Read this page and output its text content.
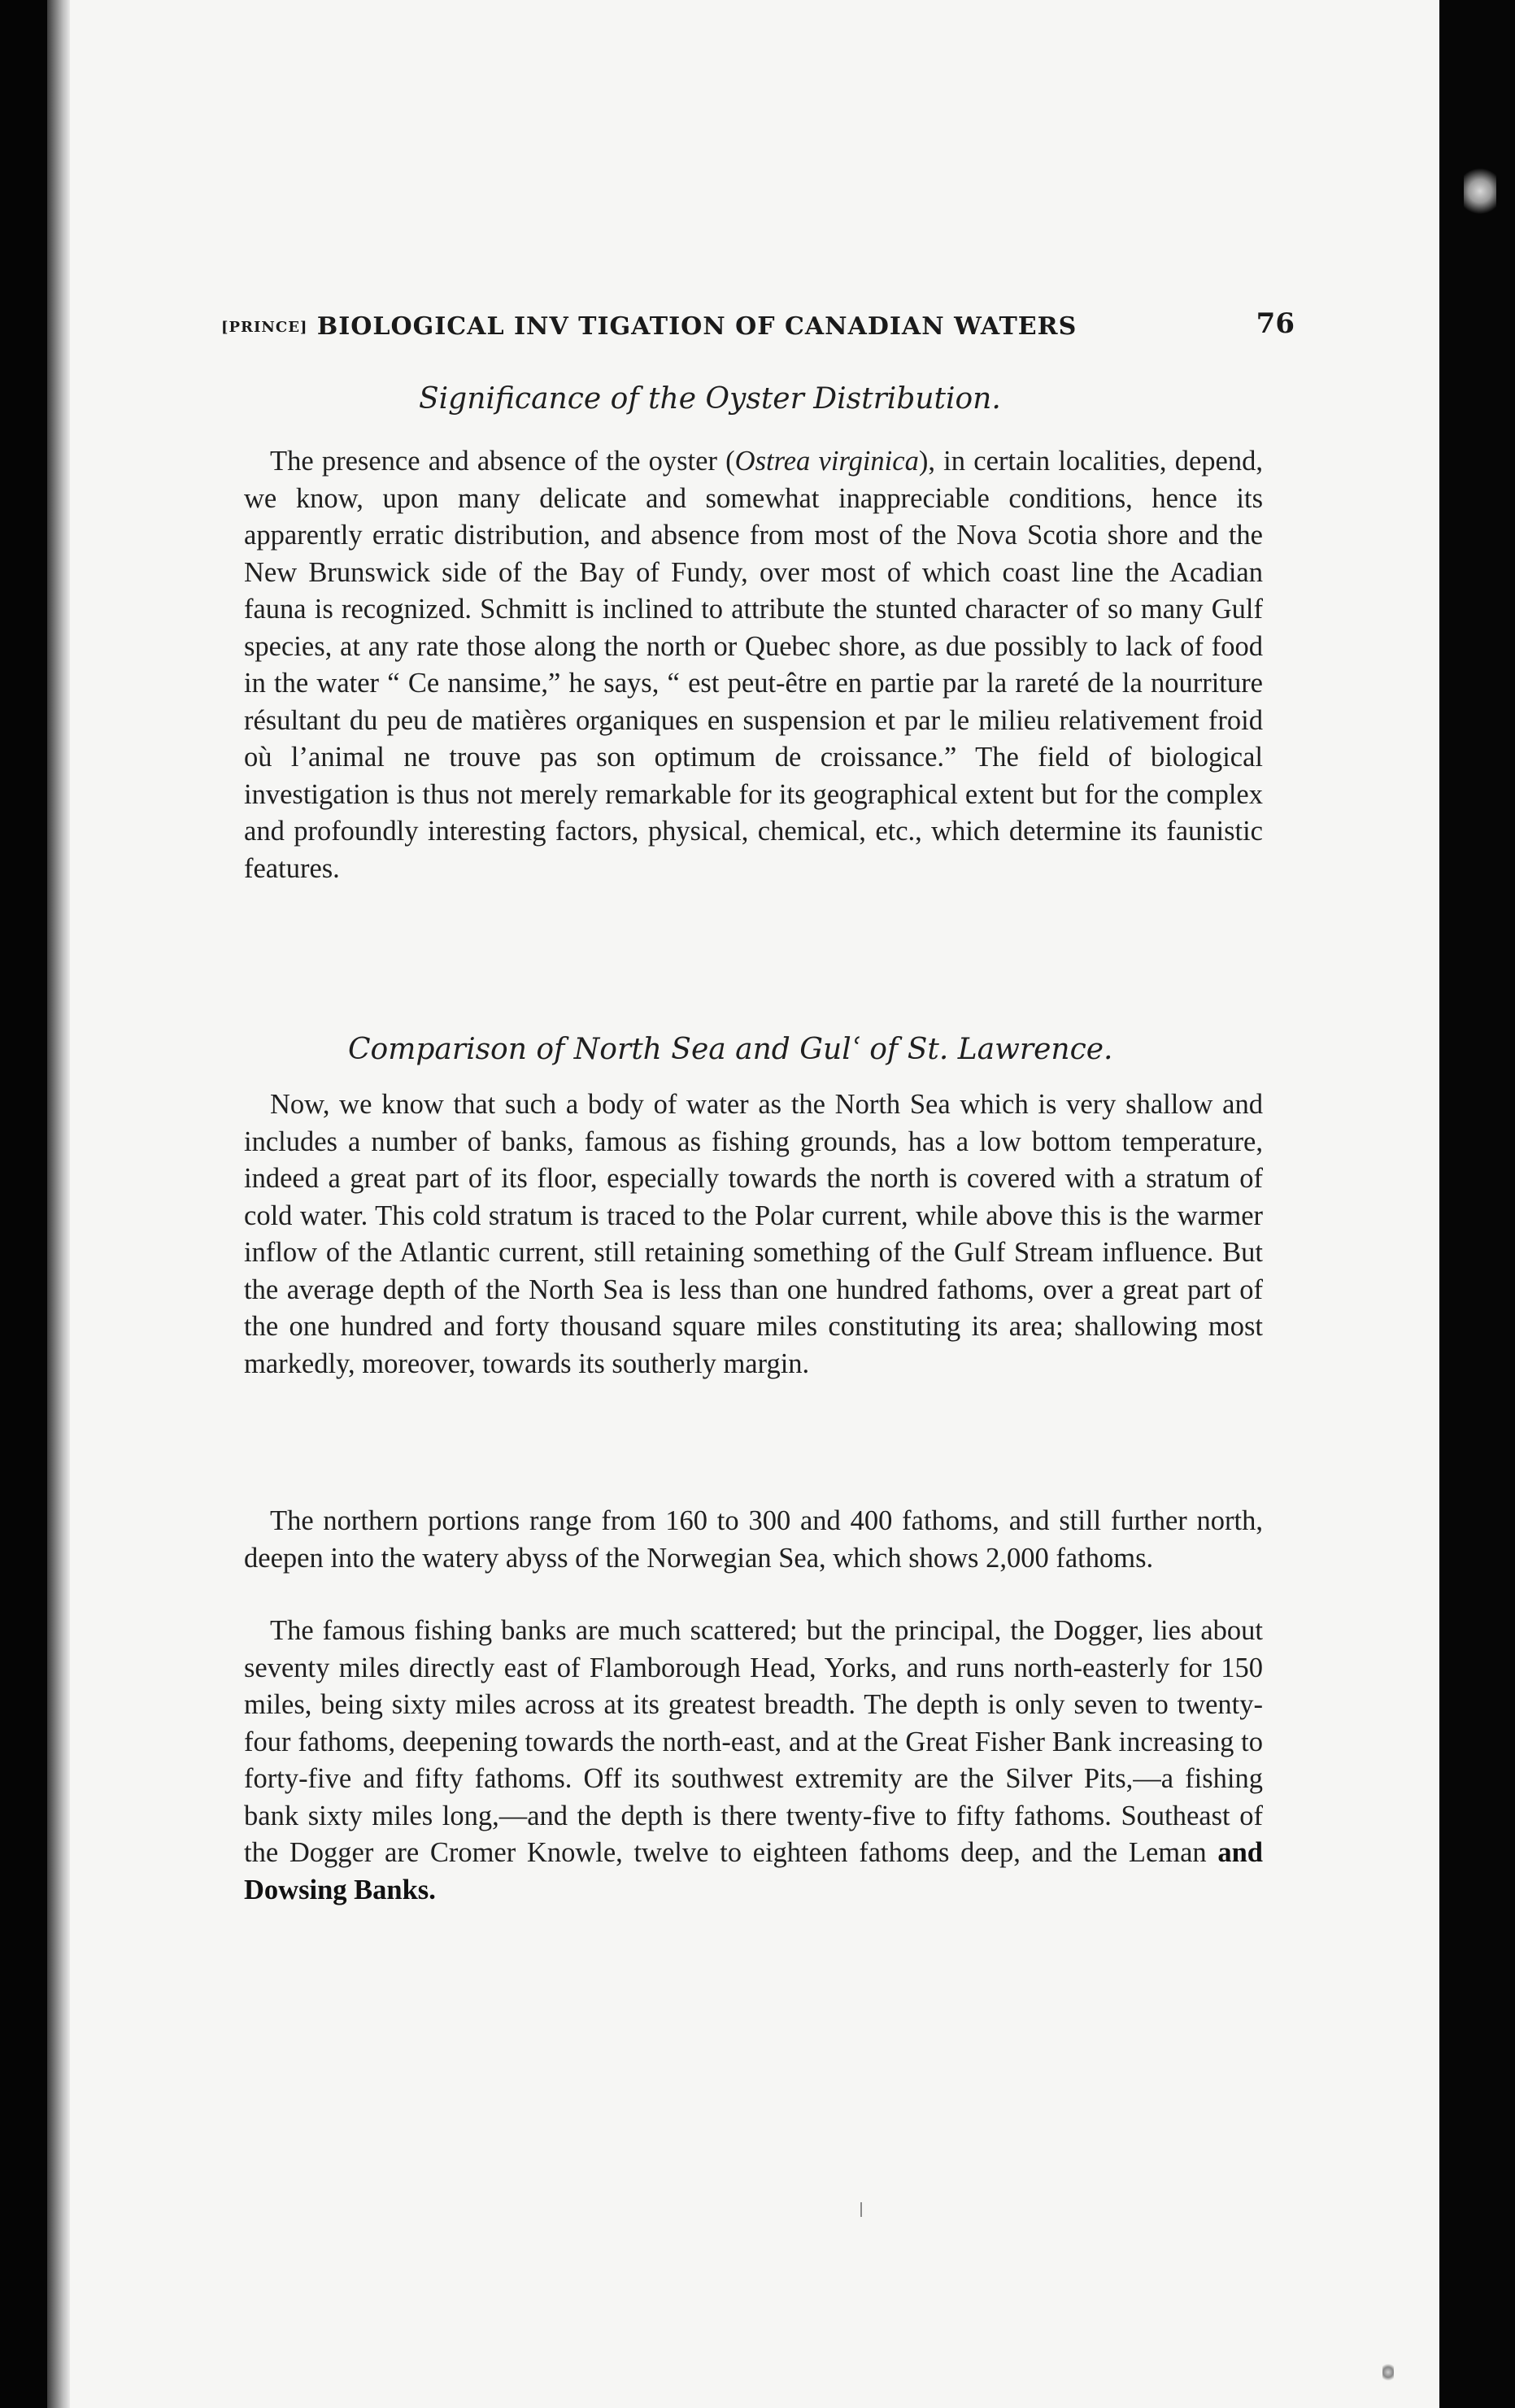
[PRINCE] BIOLOGICAL INV TIGATION OF CANADIAN WATERS	76
Significance of the Oyster Distribution.

The presence and absence of the oyster (Ostrea virginica), in certain localities, depend, we know, upon many delicate and somewhat inappreciable conditions, hence its apparently erratic distribution, and absence from most of the Nova Scotia shore and the New Brunswick side of the Bay of Fundy, over most of which coast line the Acadian fauna is recognized. Schmitt is inclined to attribute the stunted character of so many Gulf species, at any rate those along the north or Quebec shore, as due possibly to lack of food in the water “ Ce nansime,” he says, “ est peut-être en partie par la rareté de la nourriture résultant du peu de matières organiques en suspension et par le milieu relativement froid où l’animal ne trouve pas son optimum de croissance.” The field of biological investigation is thus not merely remarkable for its geographical extent but for the complex and profoundly interesting factors, physical, chemical, etc., which determine its faunistic features.

Comparison of North Sea and Gulʿ of St. Lawrence.

Now, we know that such a body of water as the North Sea which is very shallow and includes a number of banks, famous as fishing grounds, has a low bottom temperature, indeed a great part of its floor, especially towards the north is covered with a stratum of cold water. This cold stratum is traced to the Polar current, while above this is the warmer inflow of the Atlantic current, still retaining something of the Gulf Stream influence. But the average depth of the North Sea is less than one hundred fathoms, over a great part of the one hundred and forty thousand square miles constituting its area; shallowing most markedly, moreover, towards its southerly margin.

The northern portions range from 160 to 300 and 400 fathoms, and still further north, deepen into the watery abyss of the Norwegian Sea, which shows 2,000 fathoms.

The famous fishing banks are much scattered; but the principal, the Dogger, lies about seventy miles directly east of Flamborough Head, Yorks, and runs north-easterly for 150 miles, being sixty miles across at its greatest breadth. The depth is only seven to twenty-four fathoms, deepening towards the north-east, and at the Great Fisher Bank increasing to forty-five and fifty fathoms. Off its southwest extremity are the Silver Pits,—a fishing bank sixty miles long,—and the depth is there twenty-five to fifty fathoms. Southeast of the Dogger are Cromer Knowle, twelve to eighteen fathoms deep, and the Leman and Dowsing Banks.
